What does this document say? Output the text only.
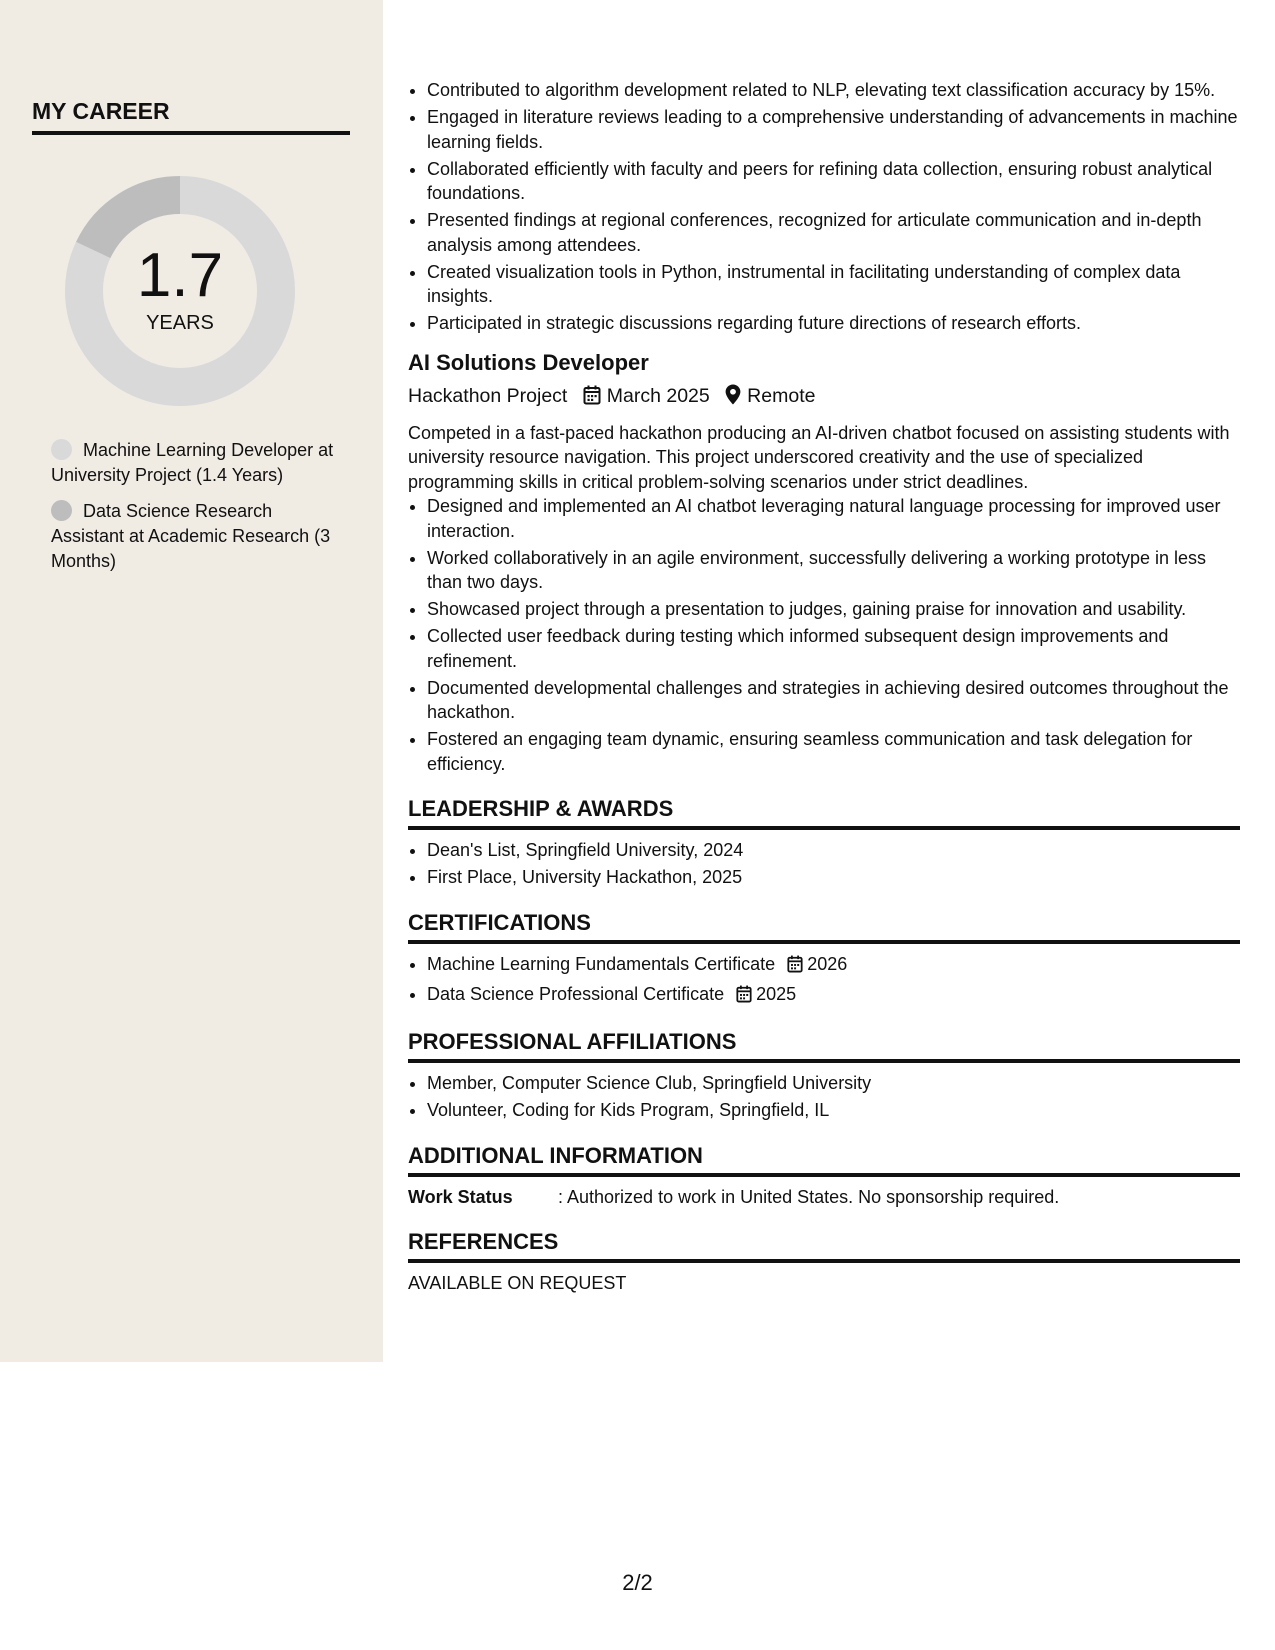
MY CAREER
1.7
YEARS
Machine Learning Developer at University Project (1.4 Years)
Data Science Research Assistant at Academic Research (3 Months)
• Contributed to algorithm development related to NLP, elevating text classification accuracy by 15%.
• Engaged in literature reviews leading to a comprehensive understanding of advancements in machine learning fields.
• Collaborated efficiently with faculty and peers for refining data collection, ensuring robust analytical foundations.
• Presented findings at regional conferences, recognized for articulate communication and in-depth analysis among attendees.
• Created visualization tools in Python, instrumental in facilitating understanding of complex data insights.
• Participated in strategic discussions regarding future directions of research efforts.
AI Solutions Developer
Hackathon Project March 2025 Remote

Competed in a fast-paced hackathon producing an AI-driven chatbot focused on assisting students with university resource navigation. This project underscored creativity and the use of specialized programming skills in critical problem-solving scenarios under strict deadlines.

• Designed and implemented an AI chatbot leveraging natural language processing for improved user interaction.
• Worked collaboratively in an agile environment, successfully delivering a working prototype in less than two days.
• Showcased project through a presentation to judges, gaining praise for innovation and usability.
• Collected user feedback during testing which informed subsequent design improvements and refinement.
• Documented developmental challenges and strategies in achieving desired outcomes throughout the hackathon.
• Fostered an engaging team dynamic, ensuring seamless communication and task delegation for efficiency.
LEADERSHIP & AWARDS
• Dean's List, Springfield University, 2024
• First Place, University Hackathon, 2025
CERTIFICATIONS
• Machine Learning Fundamentals Certificate 2026
• Data Science Professional Certificate 2025
PROFESSIONAL AFFILIATIONS
• Member, Computer Science Club, Springfield University
• Volunteer, Coding for Kids Program, Springfield, IL
ADDITIONAL INFORMATION
Work Status	: Authorized to work in United States. No sponsorship required.
REFERENCES
AVAILABLE ON REQUEST
2/2
